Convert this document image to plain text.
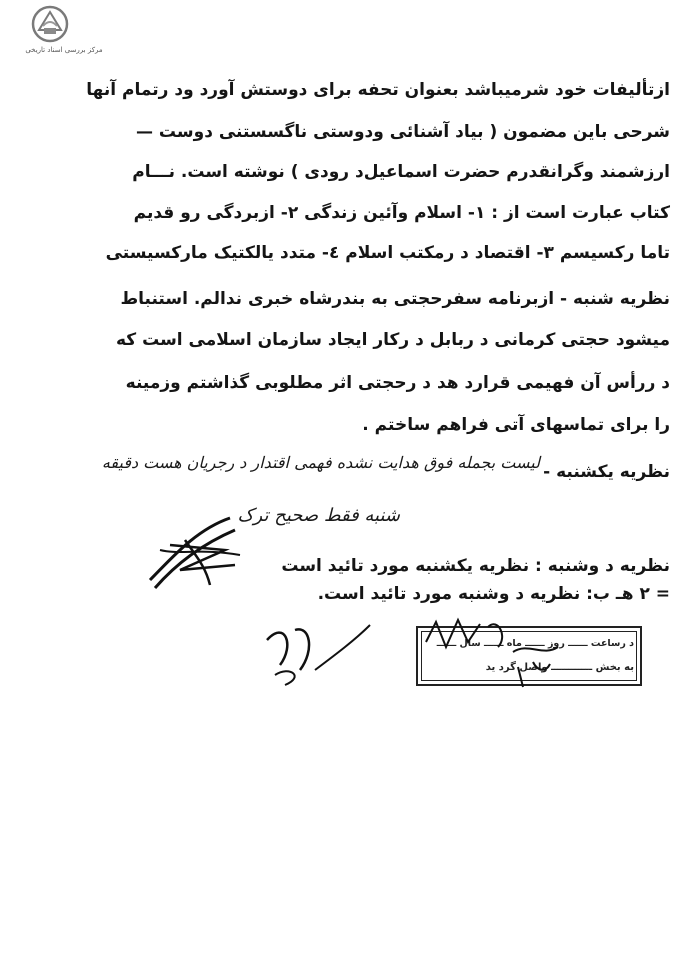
مرکز بررسی اسناد تاریخی
ازتألیفات خود شرمیباشد بعنوان تحفه برای دوستش آورد ود رتمام آنها
شرحی باین مضمون ( بیاد آشنائی ودوستی ناگسستنی دوست —
ارزشمند وگرانقدرم حضرت اسماعیل‌د رودی ) نوشته است. نـــام
کتاب عبارت است از : ١- اسلام وآئین زندگی ٢- ازبردگی رو قدیم
تاما رکسیسم ٣- اقتصاد د رمکتب اسلام ٤- متدد یالکتیک مارکسیستی
نظریه شنبه - ازبرنامه سفرحجتی به بندرشاه خبری ندالم. استنباط
میشود حجتی کرمانی د ربابل د رکار ایجاد سازمان اسلامی است که
د ررأس آن فهیمی قرارد هد د رحجتی اثر مطلوبی گذاشتم وزمینه
را برای تماسهای آتی فراهم ساختم .
نظریه یکشنبه -
لیست بجمله فوق هدایت نشده فهمی اقتدار د رجریان هست دقیقه
شنبه فقط صحیح ترک
نظریه د وشنبه : نظریه یکشنبه مورد تائید است
= ٢ هـ ب: نظریه د وشنبه مورد تائید است.
د رساعت ــــــ روز ــــــ ماه ــــــ سال ــــــ
به بخش ــــــــــــ واصل گرد ید
